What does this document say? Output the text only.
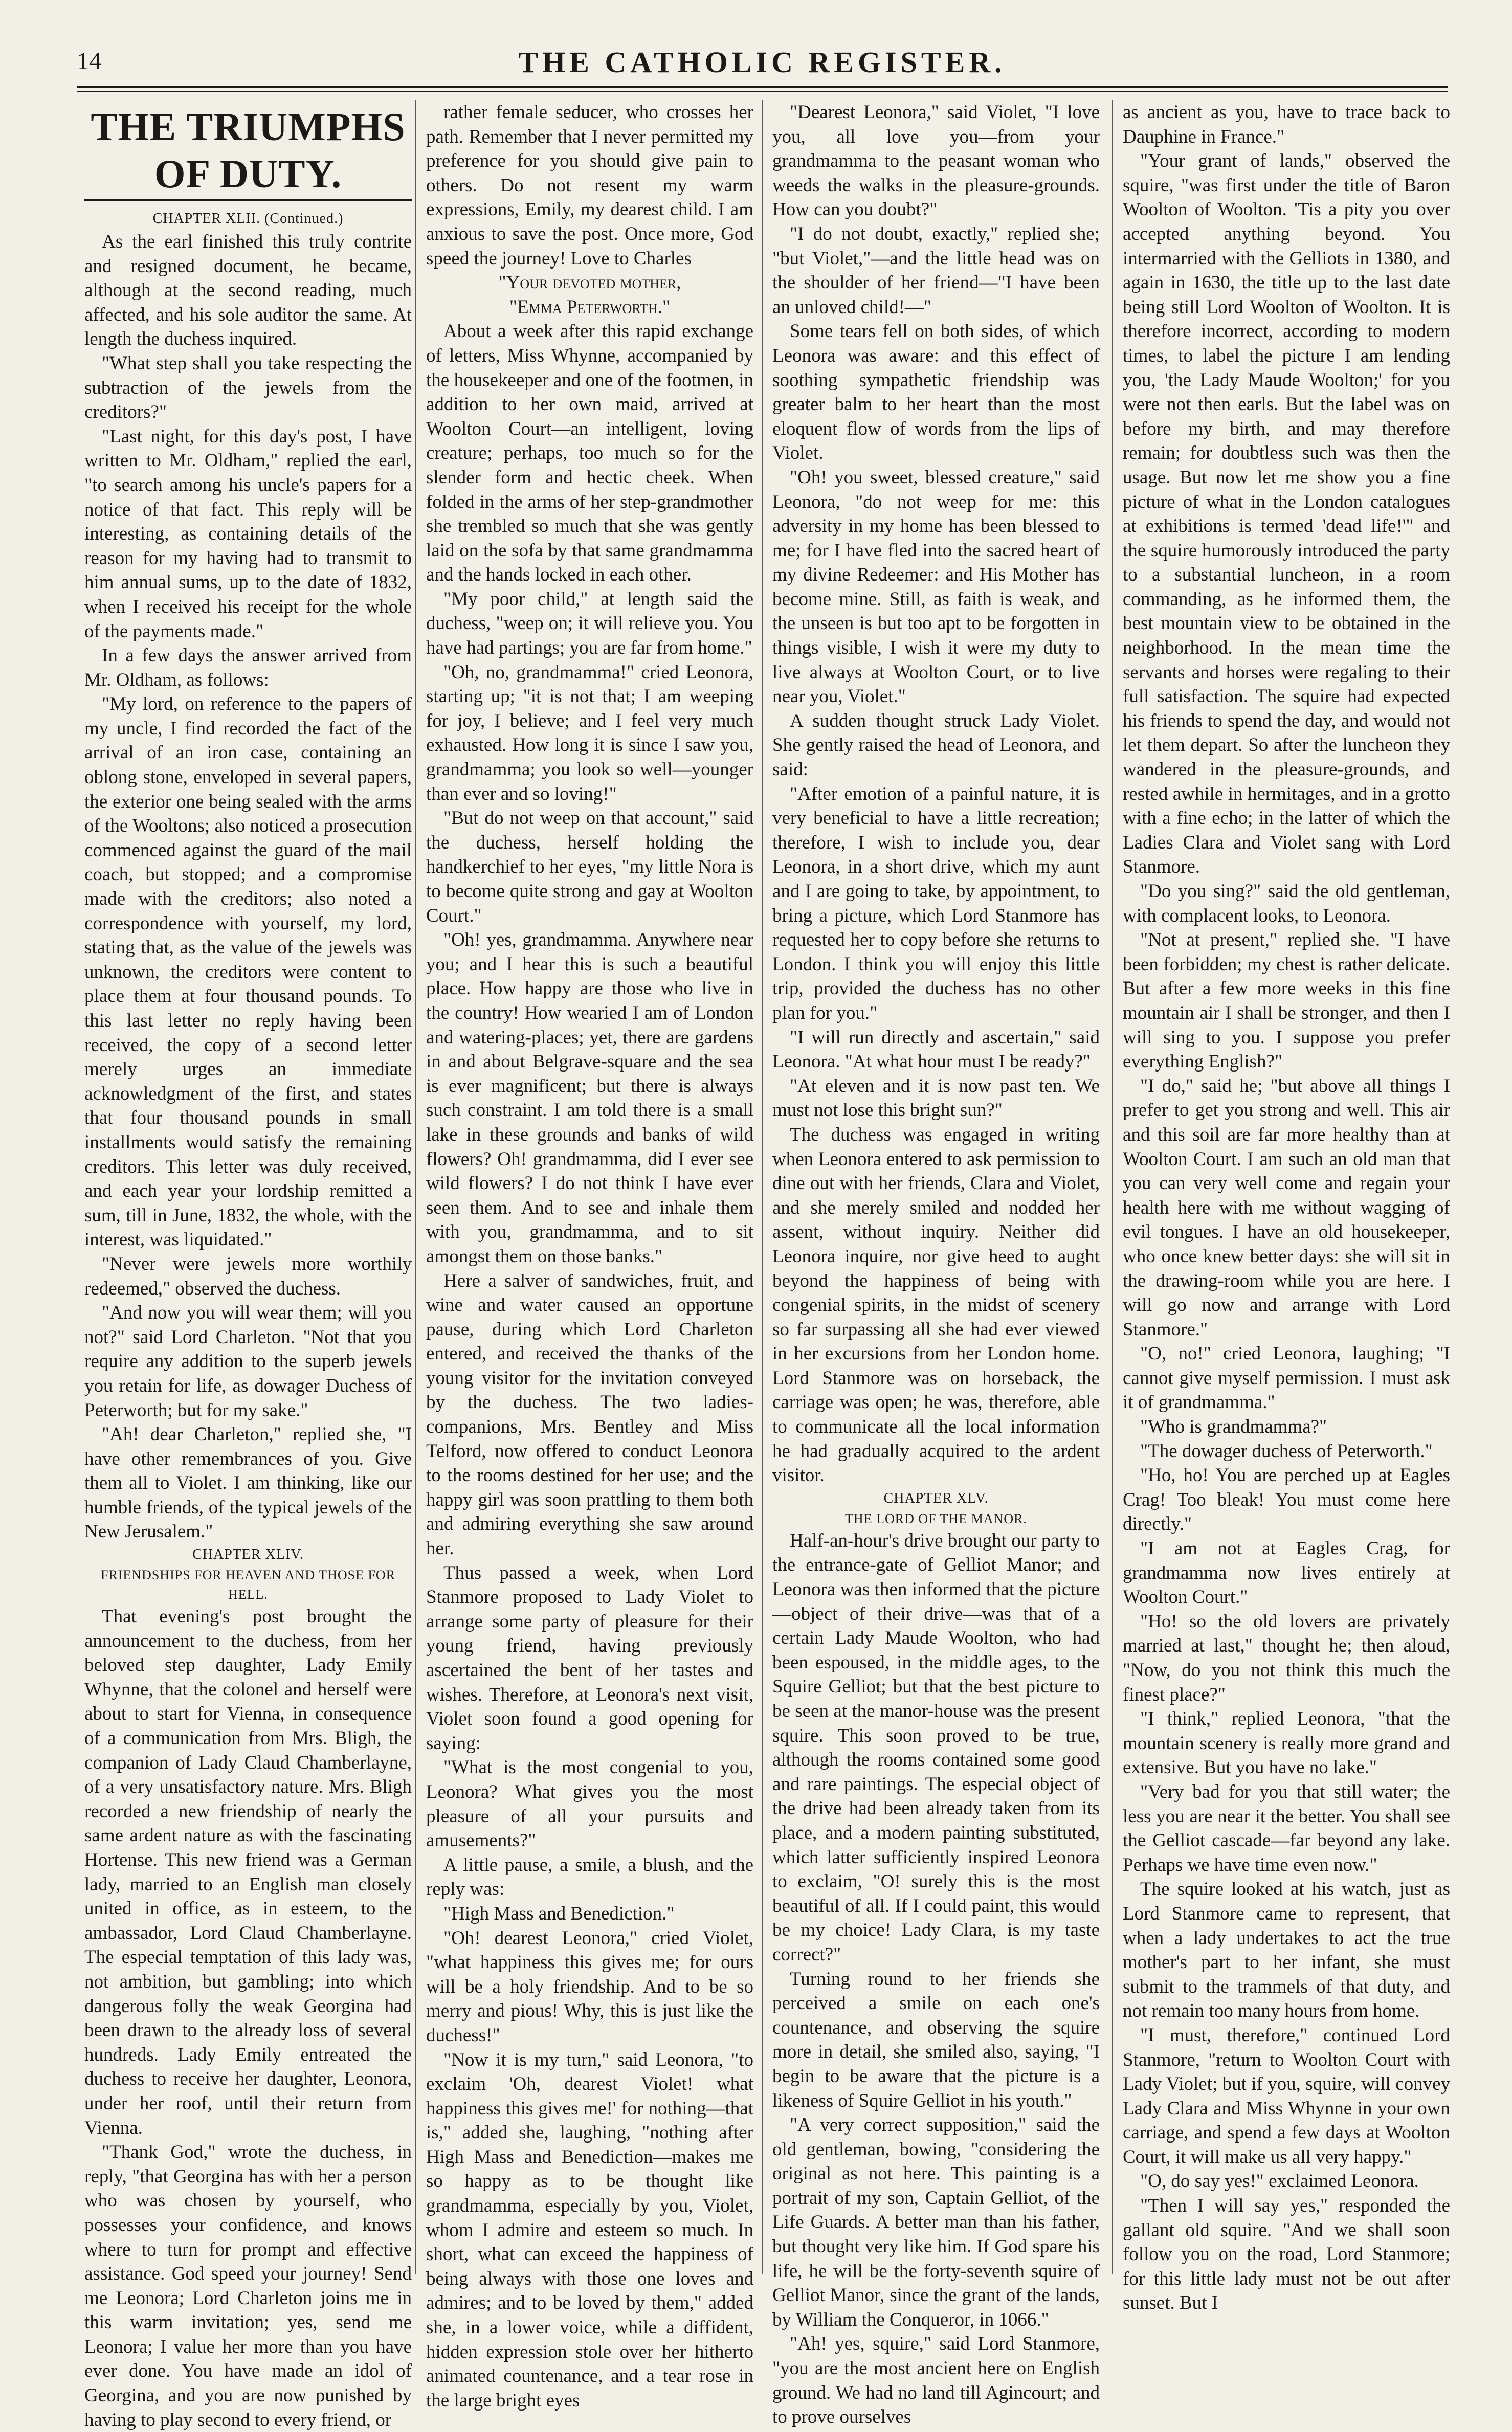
14	THE CATHOLIC REGISTER.
THE TRIUMPHS OF DUTY.

CHAPTER XLII. (Continued.)

As the earl finished this truly contrite and resigned document, he became, although at the second reading, much affected, and his sole auditor the same. At length the duchess inquired.

"What step shall you take respecting the subtraction of the jewels from the creditors?"

"Last night, for this day's post, I have written to Mr. Oldham," replied the earl, "to search among his uncle's papers for a notice of that fact. This reply will be interesting, as containing details of the reason for my having had to transmit to him annual sums, up to the date of 1832, when I received his receipt for the whole of the payments made."

In a few days the answer arrived from Mr. Oldham, as follows:

"My lord, on reference to the papers of my uncle, I find recorded the fact of the arrival of an iron case, containing an oblong stone, enveloped in several papers, the exterior one being sealed with the arms of the Wooltons; also noticed a prosecution commenced against the guard of the mail coach, but stopped; and a compromise made with the creditors; also noted a correspondence with yourself, my lord, stating that, as the value of the jewels was unknown, the creditors were content to place them at four thousand pounds. To this last letter no reply having been received, the copy of a second letter merely urges an immediate acknowledgment of the first, and states that four thousand pounds in small installments would satisfy the remaining creditors. This letter was duly received, and each year your lordship remitted a sum, till in June, 1832, the whole, with the interest, was liquidated."

"Never were jewels more worthily redeemed," observed the duchess.

"And now you will wear them; will you not?" said Lord Charleton. "Not that you require any addition to the superb jewels you retain for life, as dowager Duchess of Peterworth; but for my sake."

"Ah! dear Charleton," replied she, "I have other remembrances of you. Give them all to Violet. I am thinking, like our humble friends, of the typical jewels of the New Jerusalem."

CHAPTER XLIV.

FRIENDSHIPS FOR HEAVEN AND THOSE FOR HELL.

That evening's post brought the announcement to the duchess, from her beloved step daughter, Lady Emily Whynne, that the colonel and herself were about to start for Vienna, in consequence of a communication from Mrs. Bligh, the companion of Lady Claud Chamberlayne, of a very unsatisfactory nature. Mrs. Bligh recorded a new friendship of nearly the same ardent nature as with the fascinating Hortense. This new friend was a German lady, married to an English man closely united in office, as in esteem, to the ambassador, Lord Claud Chamberlayne. The especial temptation of this lady was, not ambition, but gambling; into which dangerous folly the weak Georgina had been drawn to the already loss of several hundreds. Lady Emily entreated the duchess to receive her daughter, Leonora, under her roof, until their return from Vienna.

"Thank God," wrote the duchess, in reply, "that Georgina has with her a person who was chosen by yourself, who possesses your confidence, and knows where to turn for prompt and effective assistance. God speed your journey! Send me Leonora; Lord Charleton joins me in this warm invitation; yes, send me Leonora; I value her more than you have ever done. You have made an idol of Georgina, and you are now punished by having to play second to every friend, or

rather female seducer, who crosses her path. Remember that I never permitted my preference for you should give pain to others. Do not resent my warm expressions, Emily, my dearest child. I am anxious to save the post. Once more, God speed the journey! Love to Charles

"Your devoted mother,

"Emma Peterworth."

About a week after this rapid exchange of letters, Miss Whynne, accompanied by the housekeeper and one of the footmen, in addition to her own maid, arrived at Woolton Court—an intelligent, loving creature; perhaps, too much so for the slender form and hectic cheek. When folded in the arms of her step-grandmother she trembled so much that she was gently laid on the sofa by that same grandmamma and the hands locked in each other.

"My poor child," at length said the duchess, "weep on; it will relieve you. You have had partings; you are far from home."

"Oh, no, grandmamma!" cried Leonora, starting up; "it is not that; I am weeping for joy, I believe; and I feel very much exhausted. How long it is since I saw you, grandmamma; you look so well—younger than ever and so loving!"

"But do not weep on that account," said the duchess, herself holding the handkerchief to her eyes, "my little Nora is to become quite strong and gay at Woolton Court."

"Oh! yes, grandmamma. Anywhere near you; and I hear this is such a beautiful place. How happy are those who live in the country! How wearied I am of London and watering-places; yet, there are gardens in and about Belgrave-square and the sea is ever magnificent; but there is always such constraint. I am told there is a small lake in these grounds and banks of wild flowers? Oh! grandmamma, did I ever see wild flowers? I do not think I have ever seen them. And to see and inhale them with you, grandmamma, and to sit amongst them on those banks."

Here a salver of sandwiches, fruit, and wine and water caused an opportune pause, during which Lord Charleton entered, and received the thanks of the young visitor for the invitation conveyed by the duchess. The two ladies-companions, Mrs. Bentley and Miss Telford, now offered to conduct Leonora to the rooms destined for her use; and the happy girl was soon prattling to them both and admiring everything she saw around her.

Thus passed a week, when Lord Stanmore proposed to Lady Violet to arrange some party of pleasure for their young friend, having previously ascertained the bent of her tastes and wishes. Therefore, at Leonora's next visit, Violet soon found a good opening for saying:

"What is the most congenial to you, Leonora? What gives you the most pleasure of all your pursuits and amusements?"

A little pause, a smile, a blush, and the reply was:

"High Mass and Benediction."

"Oh! dearest Leonora," cried Violet, "what happiness this gives me; for ours will be a holy friendship. And to be so merry and pious! Why, this is just like the duchess!"

"Now it is my turn," said Leonora, "to exclaim 'Oh, dearest Violet! what happiness this gives me!' for nothing—that is," added she, laughing, "nothing after High Mass and Benediction—makes me so happy as to be thought like grandmamma, especially by you, Violet, whom I admire and esteem so much. In short, what can exceed the happiness of being always with those one loves and admires; and to be loved by them," added she, in a lower voice, while a diffident, hidden expression stole over her hitherto animated countenance, and a tear rose in the large bright eyes

"Dearest Leonora," said Violet, "I love you, all love you—from your grandmamma to the peasant woman who weeds the walks in the pleasure-grounds. How can you doubt?"

"I do not doubt, exactly," replied she; "but Violet,"—and the little head was on the shoulder of her friend—"I have been an unloved child!—"

Some tears fell on both sides, of which Leonora was aware: and this effect of soothing sympathetic friendship was greater balm to her heart than the most eloquent flow of words from the lips of Violet.

"Oh! you sweet, blessed creature," said Leonora, "do not weep for me: this adversity in my home has been blessed to me; for I have fled into the sacred heart of my divine Redeemer: and His Mother has become mine. Still, as faith is weak, and the unseen is but too apt to be forgotten in things visible, I wish it were my duty to live always at Woolton Court, or to live near you, Violet."

A sudden thought struck Lady Violet. She gently raised the head of Leonora, and said:

"After emotion of a painful nature, it is very beneficial to have a little recreation; therefore, I wish to include you, dear Leonora, in a short drive, which my aunt and I are going to take, by appointment, to bring a picture, which Lord Stanmore has requested her to copy before she returns to London. I think you will enjoy this little trip, provided the duchess has no other plan for you."

"I will run directly and ascertain," said Leonora. "At what hour must I be ready?"

"At eleven and it is now past ten. We must not lose this bright sun?"

The duchess was engaged in writing when Leonora entered to ask permission to dine out with her friends, Clara and Violet, and she merely smiled and nodded her assent, without inquiry. Neither did Leonora inquire, nor give heed to aught beyond the happiness of being with congenial spirits, in the midst of scenery so far surpassing all she had ever viewed in her excursions from her London home. Lord Stanmore was on horseback, the carriage was open; he was, therefore, able to communicate all the local information he had gradually acquired to the ardent visitor.

CHAPTER XLV.

THE LORD OF THE MANOR.

Half-an-hour's drive brought our party to the entrance-gate of Gelliot Manor; and Leonora was then informed that the picture—object of their drive—was that of a certain Lady Maude Woolton, who had been espoused, in the middle ages, to the Squire Gelliot; but that the best picture to be seen at the manor-house was the present squire. This soon proved to be true, although the rooms contained some good and rare paintings. The especial object of the drive had been already taken from its place, and a modern painting substituted, which latter sufficiently inspired Leonora to exclaim, "O! surely this is the most beautiful of all. If I could paint, this would be my choice! Lady Clara, is my taste correct?"

Turning round to her friends she perceived a smile on each one's countenance, and observing the squire more in detail, she smiled also, saying, "I begin to be aware that the picture is a likeness of Squire Gelliot in his youth."

"A very correct supposition," said the old gentleman, bowing, "considering the original as not here. This painting is a portrait of my son, Captain Gelliot, of the Life Guards. A better man than his father, but thought very like him. If God spare his life, he will be the forty-seventh squire of Gelliot Manor, since the grant of the lands, by William the Conqueror, in 1066."

"Ah! yes, squire," said Lord Stanmore, "you are the most ancient here on English ground. We had no land till Agincourt; and to prove ourselves

as ancient as you, have to trace back to Dauphine in France."

"Your grant of lands," observed the squire, "was first under the title of Baron Woolton of Woolton. 'Tis a pity you over accepted anything beyond. You intermarried with the Gelliots in 1380, and again in 1630, the title up to the last date being still Lord Woolton of Woolton. It is therefore incorrect, according to modern times, to label the picture I am lending you, 'the Lady Maude Woolton;' for you were not then earls. But the label was on before my birth, and may therefore remain; for doubtless such was then the usage. But now let me show you a fine picture of what in the London catalogues at exhibitions is termed 'dead life!'" and the squire humorously introduced the party to a substantial luncheon, in a room commanding, as he informed them, the best mountain view to be obtained in the neighborhood. In the mean time the servants and horses were regaling to their full satisfaction. The squire had expected his friends to spend the day, and would not let them depart. So after the luncheon they wandered in the pleasure-grounds, and rested awhile in hermitages, and in a grotto with a fine echo; in the latter of which the Ladies Clara and Violet sang with Lord Stanmore.

"Do you sing?" said the old gentleman, with complacent looks, to Leonora.

"Not at present," replied she. "I have been forbidden; my chest is rather delicate. But after a few more weeks in this fine mountain air I shall be stronger, and then I will sing to you. I suppose you prefer everything English?"

"I do," said he; "but above all things I prefer to get you strong and well. This air and this soil are far more healthy than at Woolton Court. I am such an old man that you can very well come and regain your health here with me without wagging of evil tongues. I have an old housekeeper, who once knew better days: she will sit in the drawing-room while you are here. I will go now and arrange with Lord Stanmore."

"O, no!" cried Leonora, laughing; "I cannot give myself permission. I must ask it of grandmamma."

"Who is grandmamma?"

"The dowager duchess of Peterworth."

"Ho, ho! You are perched up at Eagles Crag! Too bleak! You must come here directly."

"I am not at Eagles Crag, for grandmamma now lives entirely at Woolton Court."

"Ho! so the old lovers are privately married at last," thought he; then aloud, "Now, do you not think this much the finest place?"

"I think," replied Leonora, "that the mountain scenery is really more grand and extensive. But you have no lake."

"Very bad for you that still water; the less you are near it the better. You shall see the Gelliot cascade—far beyond any lake. Perhaps we have time even now."

The squire looked at his watch, just as Lord Stanmore came to represent, that when a lady undertakes to act the true mother's part to her infant, she must submit to the trammels of that duty, and not remain too many hours from home.

"I must, therefore," continued Lord Stanmore, "return to Woolton Court with Lady Violet; but if you, squire, will convey Lady Clara and Miss Whynne in your own carriage, and spend a few days at Woolton Court, it will make us all very happy."

"O, do say yes!" exclaimed Leonora.

"Then I will say yes," responded the gallant old squire. "And we shall soon follow you on the road, Lord Stanmore; for this little lady must not be out after sunset. But I
